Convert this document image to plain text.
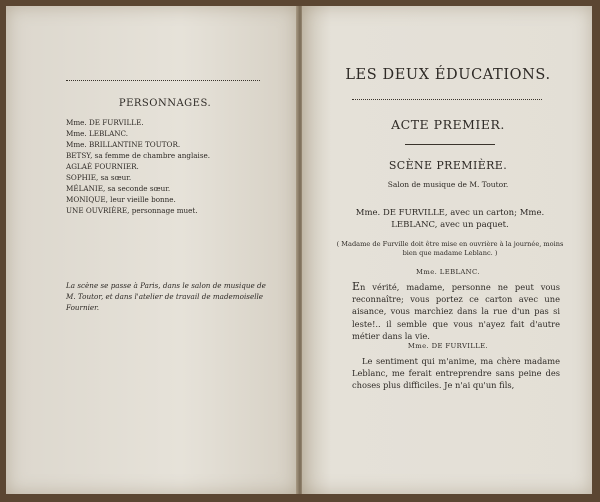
PERSONNAGES.

Mme. DE FURVILLE.
Mme. LEBLANC.
Mme. BRILLANTINE TOUTOR.
BETSY, sa femme de chambre anglaise.
AGLAÉ FOURNIER.
SOPHIE, sa sœur.
MÉLANIE, sa seconde sœur.
MONIQUE, leur vieille bonne.
UNE OUVRIÈRE, personnage muet.

La scène se passe à Paris, dans le salon de musique de M. Toutor, et dans l'atelier de travail de mademoiselle Fournier.

LES DEUX ÉDUCATIONS.

ACTE PREMIER.

SCÈNE PREMIÈRE.

Salon de musique de M. Toutor.

Mme. DE FURVILLE, avec un carton; Mme. LEBLANC, avec un paquet.

( Madame de Furville doit être mise en ouvrière à la journée, moins bien que madame Leblanc. )

Mme. LEBLANC.

En vérité, madame, personne ne peut vous reconnaître; vous portez ce carton avec une aisance, vous marchiez dans la rue d'un pas si leste!.. il semble que vous n'ayez fait d'autre métier dans la vie.

Mme. DE FURVILLE.

Le sentiment qui m'anime, ma chère madame Leblanc, me ferait entreprendre sans peine des choses plus difficiles. Je n'ai qu'un fils,
